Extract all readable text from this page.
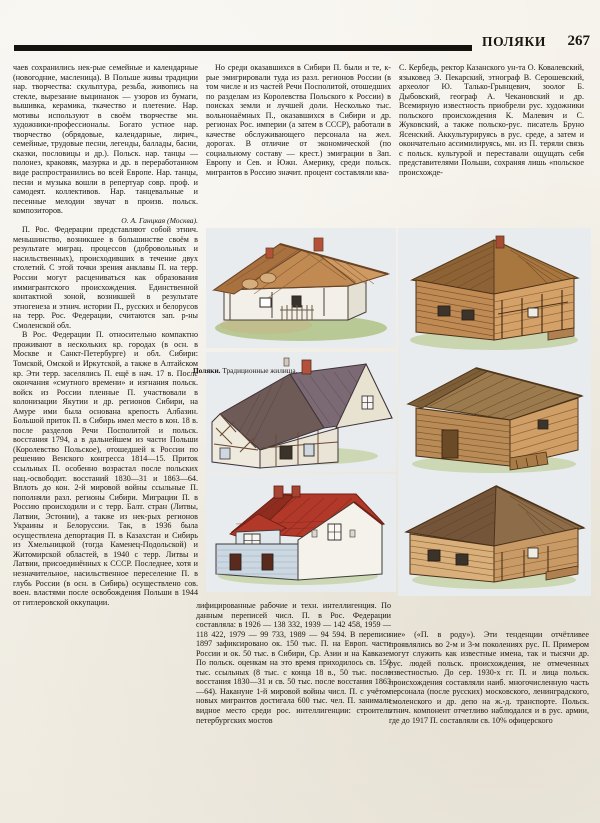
ПОЛЯКИ 267

чаев сохранились нек-рые семейные и календарные (новогодние, масленица). В Польше живы традиции нар. творчества: скульптура, резьба, живопись на стекле, вырезание выцинанок — узоров из бумаги, вышивка, керамика, ткачество и плетение. Нар. мотивы используют в своём творчестве мн. художники-профессионалы. Богато устное нар. творчество (обрядовые, календарные, лирич., семейные, трудовые песни, легенды, баллады, басни, сказки, пословицы и др.). Польск. нар. танцы — полонез, краковяк, мазурка и др. в переработанном виде распространились во всей Европе. Нар. танцы, песни и музыка вошли в репертуар совр. проф. и самодеят. коллективов. Нар. танцевальные и песенные мелодии звучат в произв. польск. композиторов.

О. А. Ганцкая (Москва).

П. Рос. Федерации представляют собой этнич. меньшинство, возникшее в большинстве своём в результате миграц. процессов (добровольных и насильственных), происходивших в течение двух столетий. С этой точки зрения анклавы П. на терр. России могут расцениваться как образования иммигрантского происхождения. Единственной контактной зоной, возникшей в результате этногенеза и этнич. истории П., русских и белорусов на терр. Рос. Федерации, считаются зап. р-ны Смоленской обл.

В Рос. Федерации П. относительно компактно проживают в нескольких кр. городах (в осн. в Москве и Санкт-Петербурге) и обл. Сибири: Томской, Омской и Иркутской, а также в Алтайском кр. Эти терр. заселялись П. ещё в нач. 17 в. После окончания «смутного времени» и изгнания польск. войск из России пленные П. участвовали в колонизации Якутии и др. регионов Сибири, на Амуре ими была основана крепость Албазин. Большой приток П. в Сибирь имел место в кон. 18 в. после разделов Речи Посполитой и польск. восстания 1794, а в дальнейшем из части Польши (Королевство Польское), отошедшей к России по решению Венского конгресса 1814—15. Приток ссыльных П. особенно возрастал после польских нац.-освободит. восстаний 1830—31 и 1863—64. Вплоть до кон. 2-й мировой войны ссыльные П. пополняли разл. регионы Сибири. Миграции П. в Россию происходили и с терр. Балт. стран (Литвы, Латвии, Эстонии), а также из нек-рых регионов Украины и Белоруссии. Так, в 1936 была осуществлена депортация П. в Казахстан и Сибирь из Хмельницкой (тогда Каменец-Подольской) и Житомирской областей, в 1940 с терр. Литвы и Латвии, присоединённых к СССР. Последнее, хотя и незначительное, насильственное переселение П. в глубь России (в осн. в Сибирь) осуществлено сов. воен. властями после освобождения Польши в 1944 от гитлеровской оккупации.

Но среди оказавшихся в Сибири П. были и те, к-рые эмигрировали туда из разл. регионов России (в том числе и из частей Речи Посполитой, отошедших по разделам из Королевства Польского к России) в поисках земли и лучшей доли. Несколько тыс. вольнонаёмных П., оказавшихся в Сибири и др. регионах Рос. империи (а затем в СССР), работали в качестве обслуживающего персонала на жел. дорогах. В отличие от экономической (по социальному составу — крест.) эмиграции в Зап. Европу и Сев. и Южн. Америку, среди польск. мигрантов в Россию значит. процент составляли ква-

С. Кербедь, ректор Казанского ун-та О. Ковалевский, языковед Э. Пекарский, этнограф В. Серошевский, археолог Ю. Талько-Грынцевич, зоолог Б. Дыбовский, географ А. Чекановский и др. Всемирную известность приобрели рус. художники польского происхождения К. Малевич и С. Жуковский, а также польско-рус. писатель Бруно Ясенский. Аккультурируясь в рус. среде, а затем и окончательно ассимилируясь, мн. из П. теряли связь с польск. культурой и переставали ощущать себя представителями Польши, сохраняя лишь «польское происхожде-

Поляки. Традиционные жилища.

лифицированные рабочие и техн. интеллигенция. По данным переписей числ. П. в Рос. Федерации составляла: в 1926 — 138 332, 1939 — 142 458, 1959 — 118 422, 1979 — 99 733, 1989 — 94 594. В переписи 1897 зафиксировано ок. 150 тыс. П. на Европ. части России и ок. 50 тыс. в Сибири, Ср. Азии и на Кавказе. По польск. оценкам на это время приходилось св. 150 тыс. ссыльных (8 тыс. с конца 18 в., 50 тыс. после восстания 1830—31 и св. 50 тыс. после восстания 1863—64). Накануне 1-й мировой войны числ. П. с учётом новых мигрантов достигала 600 тыс. чел. П. занимали видное место среди рос. интеллигенции: строитель петербургских мостов

ние» («П. в роду»). Эти тенденции отчётливее проявлялись во 2-м и 3-м поколениях рус. П. Примером могут служить как известные имена, так и тысячи др. рус. людей польск. происхождения, не отмеченных известностью. До сер. 1930-х гг. П. и лица польск. происхождения составляли наиб. многочисленную часть персонала (после русских) московского, ленинградского, смоленского и др. депо на ж.-д. транспорте. Польск. этнич. компонент отчетливо наблюдался и в рус. армии, где до 1917 П. составляли св. 10% офицерского
